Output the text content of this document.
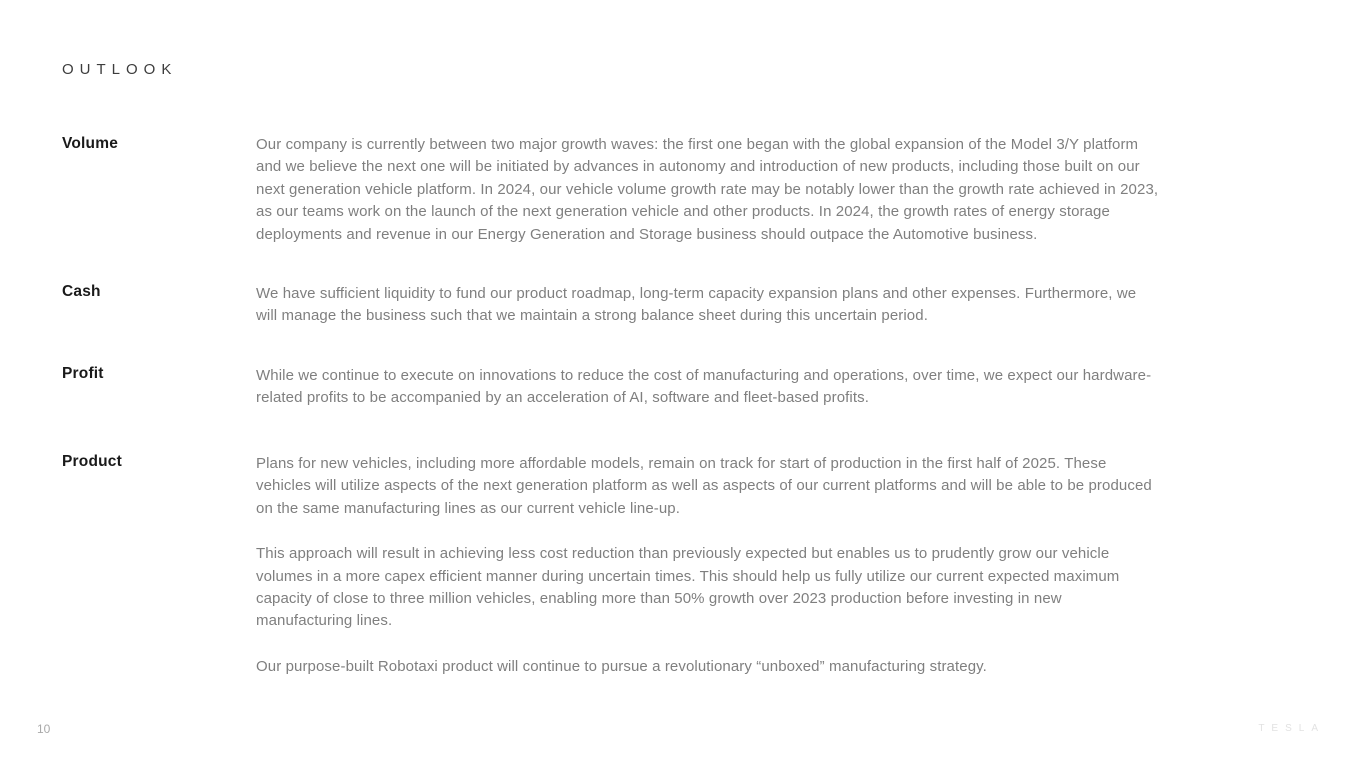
OUTLOOK
Volume	Our company is currently between two major growth waves: the first one began with the global expansion of the Model 3/Y platform and we believe the next one will be initiated by advances in autonomy and introduction of new products, including those built on our next generation vehicle platform. In 2024, our vehicle volume growth rate may be notably lower than the growth rate achieved in 2023, as our teams work on the launch of the next generation vehicle and other products. In 2024, the growth rates of energy storage deployments and revenue in our Energy Generation and Storage business should outpace the Automotive business.

Cash	We have sufficient liquidity to fund our product roadmap, long-term capacity expansion plans and other expenses. Furthermore, we will manage the business such that we maintain a strong balance sheet during this uncertain period.

Profit	While we continue to execute on innovations to reduce the cost of manufacturing and operations, over time, we expect our hardware-related profits to be accompanied by an acceleration of AI, software and fleet-based profits.

Product	Plans for new vehicles, including more affordable models, remain on track for start of production in the first half of 2025. These vehicles will utilize aspects of the next generation platform as well as aspects of our current platforms and will be able to be produced on the same manufacturing lines as our current vehicle line-up.

This approach will result in achieving less cost reduction than previously expected but enables us to prudently grow our vehicle volumes in a more capex efficient manner during uncertain times. This should help us fully utilize our current expected maximum capacity of close to three million vehicles, enabling more than 50% growth over 2023 production before investing in new manufacturing lines.

Our purpose-built Robotaxi product will continue to pursue a revolutionary “unboxed” manufacturing strategy.

10	TESLA
